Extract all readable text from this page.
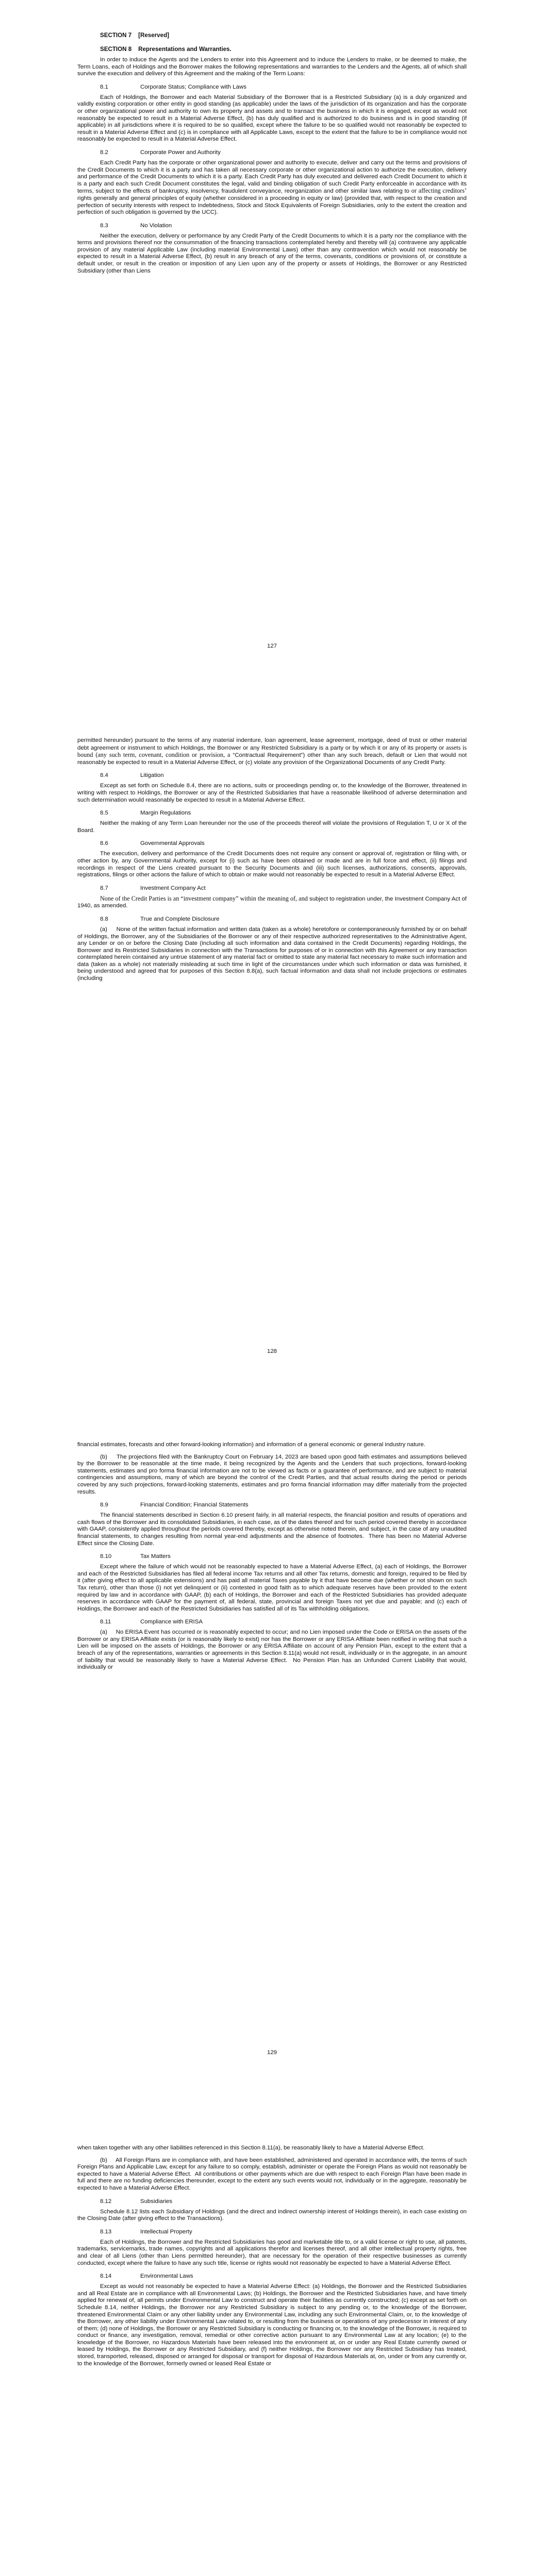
SECTION 7 [Reserved]

SECTION 8 Representations and Warranties.

In order to induce the Agents and the Lenders to enter into this Agreement and to induce the Lenders to make, or be deemed to make, the Term Loans, each of Holdings and the Borrower makes the following representations and warranties to the Lenders and the Agents, all of which shall survive the execution and delivery of this Agreement and the making of the Term Loans:

8.1	Corporate Status; Compliance with Laws

Each of Holdings, the Borrower and each Material Subsidiary of the Borrower that is a Restricted Subsidiary (a) is a duly organized and validly existing corporation or other entity in good standing (as applicable) under the laws of the jurisdiction of its organization and has the corporate or other organizational power and authority to own its property and assets and to transact the business in which it is engaged, except as would not reasonably be expected to result in a Material Adverse Effect, (b) has duly qualified and is authorized to do business and is in good standing (if applicable) in all jurisdictions where it is required to be so qualified, except where the failure to be so qualified would not reasonably be expected to result in a Material Adverse Effect and (c) is in compliance with all Applicable Laws, except to the extent that the failure to be in compliance would not reasonably be expected to result in a Material Adverse Effect.

8.2	Corporate Power and Authority

Each Credit Party has the corporate or other organizational power and authority to execute, deliver and carry out the terms and provisions of the Credit Documents to which it is a party and has taken all necessary corporate or other organizational action to authorize the execution, delivery and performance of the Credit Documents to which it is a party. Each Credit Party has duly executed and delivered each Credit Document to which it is a party and each such Credit Document constitutes the legal, valid and binding obligation of such Credit Party enforceable in accordance with its terms, subject to the effects of bankruptcy, insolvency, fraudulent conveyance, reorganization and other similar laws relating to or affecting creditors’ rights generally and general principles of equity (whether considered in a proceeding in equity or law) (provided that, with respect to the creation and perfection of security interests with respect to Indebtedness, Stock and Stock Equivalents of Foreign Subsidiaries, only to the extent the creation and perfection of such obligation is governed by the UCC).

8.3	No Violation

Neither the execution, delivery or performance by any Credit Party of the Credit Documents to which it is a party nor the compliance with the terms and provisions thereof nor the consummation of the financing transactions contemplated hereby and thereby will (a) contravene any applicable provision of any material Applicable Law (including material Environmental Laws) other than any contravention which would not reasonably be expected to result in a Material Adverse Effect, (b) result in any breach of any of the terms, covenants, conditions or provisions of, or constitute a default under, or result in the creation or imposition of any Lien upon any of the property or assets of Holdings, the Borrower or any Restricted Subsidiary (other than Liens

127

permitted hereunder) pursuant to the terms of any material indenture, loan agreement, lease agreement, mortgage, deed of trust or other material debt agreement or instrument to which Holdings, the Borrower or any Restricted Subsidiary is a party or by which it or any of its property or assets is bound (any such term, covenant, condition or provision, a “Contractual Requirement”) other than any such breach, default or Lien that would not reasonably be expected to result in a Material Adverse Effect, or (c) violate any provision of the Organizational Documents of any Credit Party.

8.4	Litigation

Except as set forth on Schedule 8.4, there are no actions, suits or proceedings pending or, to the knowledge of the Borrower, threatened in writing with respect to Holdings, the Borrower or any of the Restricted Subsidiaries that have a reasonable likelihood of adverse determination and such determination would reasonably be expected to result in a Material Adverse Effect.

8.5	Margin Regulations

Neither the making of any Term Loan hereunder nor the use of the proceeds thereof will violate the provisions of Regulation T, U or X of the Board.

8.6	Governmental Approvals

The execution, delivery and performance of the Credit Documents does not require any consent or approval of, registration or filing with, or other action by, any Governmental Authority, except for (i) such as have been obtained or made and are in full force and effect, (ii) filings and recordings in respect of the Liens created pursuant to the Security Documents and (iii) such licenses, authorizations, consents, approvals, registrations, filings or other actions the failure of which to obtain or make would not reasonably be expected to result in a Material Adverse Effect.

8.7	Investment Company Act

None of the Credit Parties is an “investment company” within the meaning of, and subject to registration under, the Investment Company Act of 1940, as amended.

8.8	True and Complete Disclosure

(a)     None of the written factual information and written data (taken as a whole) heretofore or contemporaneously furnished by or on behalf of Holdings, the Borrower, any of the Subsidiaries of the Borrower or any of their respective authorized representatives to the Administrative Agent, any Lender or on or before the Closing Date (including all such information and data contained in the Credit Documents) regarding Holdings, the Borrower and its Restricted Subsidiaries in connection with the Transactions for purposes of or in connection with this Agreement or any transaction contemplated herein contained any untrue statement of any material fact or omitted to state any material fact necessary to make such information and data (taken as a whole) not materially misleading at such time in light of the circumstances under which such information or data was furnished, it being understood and agreed that for purposes of this Section 8.8(a), such factual information and data shall not include projections or estimates (including

128

financial estimates, forecasts and other forward-looking information) and information of a general economic or general industry nature.

(b)     The projections filed with the Bankruptcy Court on February 14, 2023 are based upon good faith estimates and assumptions believed by the Borrower to be reasonable at the time made, it being recognized by the Agents and the Lenders that such projections, forward-looking statements, estimates and pro forma financial information are not to be viewed as facts or a guarantee of performance, and are subject to material contingencies and assumptions, many of which are beyond the control of the Credit Parties, and that actual results during the period or periods covered by any such projections, forward-looking statements, estimates and pro forma financial information may differ materially from the projected results.

8.9	Financial Condition; Financial Statements

The financial statements described in Section 6.10 present fairly, in all material respects, the financial position and results of operations and cash flows of the Borrower and its consolidated Subsidiaries, in each case, as of the dates thereof and for such period covered thereby in accordance with GAAP, consistently applied throughout the periods covered thereby, except as otherwise noted therein, and subject, in the case of any unaudited financial statements, to changes resulting from normal year-end adjustments and the absence of footnotes.  There has been no Material Adverse Effect since the Closing Date.

8.10	Tax Matters

Except where the failure of which would not be reasonably expected to have a Material Adverse Effect, (a) each of Holdings, the Borrower and each of the Restricted Subsidiaries has filed all federal income Tax returns and all other Tax returns, domestic and foreign, required to be filed by it (after giving effect to all applicable extensions) and has paid all material Taxes payable by it that have become due (whether or not shown on such Tax return), other than those (i) not yet delinquent or (ii) contested in good faith as to which adequate reserves have been provided to the extent required by law and in accordance with GAAP, (b) each of Holdings, the Borrower and each of the Restricted Subsidiaries has provided adequate reserves in accordance with GAAP for the payment of, all federal, state, provincial and foreign Taxes not yet due and payable; and (c) each of Holdings, the Borrower and each of the Restricted Subsidiaries has satisfied all of its Tax withholding obligations.

8.11	Compliance with ERISA

(a)     No ERISA Event has occurred or is reasonably expected to occur; and no Lien imposed under the Code or ERISA on the assets of the Borrower or any ERISA Affiliate exists (or is reasonably likely to exist) nor has the Borrower or any ERISA Affiliate been notified in writing that such a Lien will be imposed on the assets of Holdings, the Borrower or any ERISA Affiliate on account of any Pension Plan, except to the extent that a breach of any of the representations, warranties or agreements in this Section 8.11(a) would not result, individually or in the aggregate, in an amount of liability that would be reasonably likely to have a Material Adverse Effect.  No Pension Plan has an Unfunded Current Liability that would, individually or

129

when taken together with any other liabilities referenced in this Section 8.11(a), be reasonably likely to have a Material Adverse Effect.

(b)     All Foreign Plans are in compliance with, and have been established, administered and operated in accordance with, the terms of such Foreign Plans and Applicable Law, except for any failure to so comply, establish, administer or operate the Foreign Plans as would not reasonably be expected to have a Material Adverse Effect.  All contributions or other payments which are due with respect to each Foreign Plan have been made in full and there are no funding deficiencies thereunder, except to the extent any such events would not, individually or in the aggregate, reasonably be expected to have a Material Adverse Effect.

8.12	Subsidiaries

Schedule 8.12 lists each Subsidiary of Holdings (and the direct and indirect ownership interest of Holdings therein), in each case existing on the Closing Date (after giving effect to the Transactions).

8.13	Intellectual Property

Each of Holdings, the Borrower and the Restricted Subsidiaries has good and marketable title to, or a valid license or right to use, all patents, trademarks, servicemarks, trade names, copyrights and all applications therefor and licenses thereof, and all other intellectual property rights, free and clear of all Liens (other than Liens permitted hereunder), that are necessary for the operation of their respective businesses as currently conducted, except where the failure to have any such title, license or rights would not reasonably be expected to have a Material Adverse Effect.

8.14	Environmental Laws

Except as would not reasonably be expected to have a Material Adverse Effect: (a) Holdings, the Borrower and the Restricted Subsidiaries and all Real Estate are in compliance with all Environmental Laws; (b) Holdings, the Borrower and the Restricted Subsidiaries have, and have timely applied for renewal of, all permits under Environmental Law to construct and operate their facilities as currently constructed; (c) except as set forth on Schedule 8.14, neither Holdings, the Borrower nor any Restricted Subsidiary is subject to any pending or, to the knowledge of the Borrower, threatened Environmental Claim or any other liability under any Environmental Law, including any such Environmental Claim, or, to the knowledge of the Borrower, any other liability under Environmental Law related to, or resulting from the business or operations of any predecessor in interest of any of them; (d) none of Holdings, the Borrower or any Restricted Subsidiary is conducting or financing or, to the knowledge of the Borrower, is required to conduct or finance, any investigation, removal, remedial or other corrective action pursuant to any Environmental Law at any location; (e) to the knowledge of the Borrower, no Hazardous Materials have been released into the environment at, on or under any Real Estate currently owned or leased by Holdings, the Borrower or any Restricted Subsidiary, and (f) neither Holdings, the Borrower nor any Restricted Subsidiary has treated, stored, transported, released, disposed or arranged for disposal or transport for disposal of Hazardous Materials at, on, under or from any currently or, to the knowledge of the Borrower, formerly owned or leased Real Estate or
